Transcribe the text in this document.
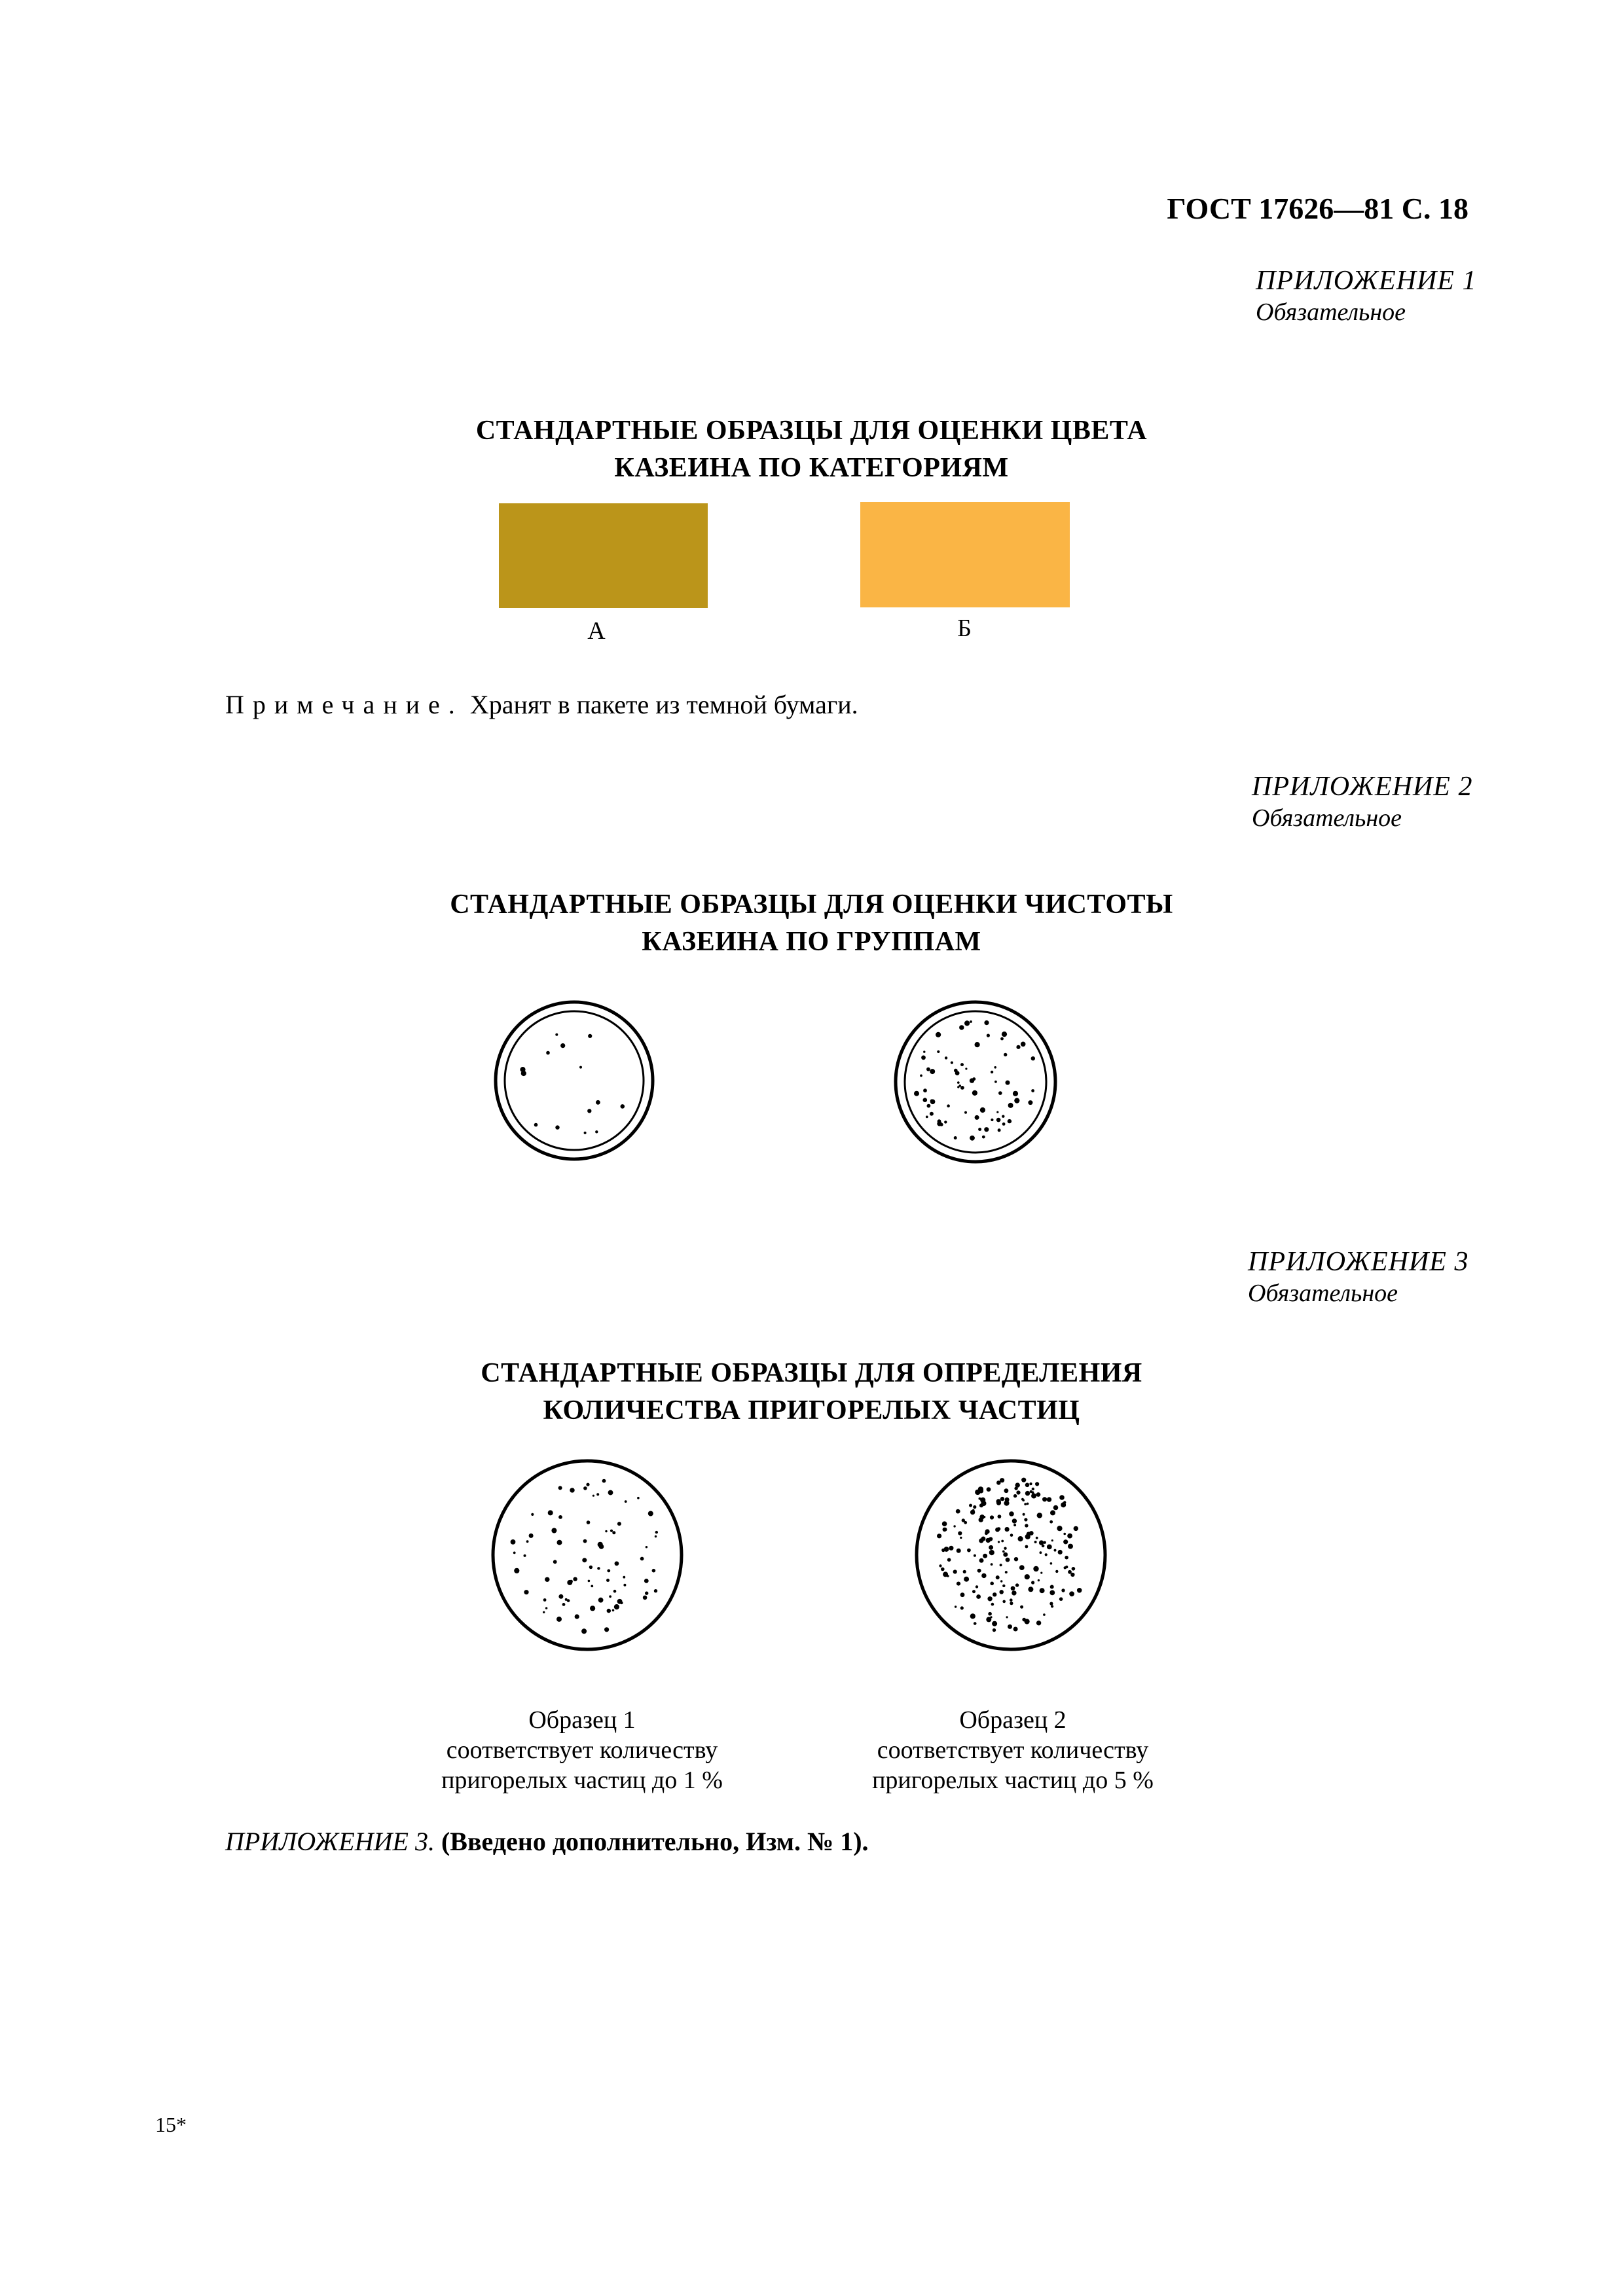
ГОСТ 17626—81 С. 18
ПРИЛОЖЕНИЕ 1
Обязательное
СТАНДАРТНЫЕ ОБРАЗЦЫ ДЛЯ ОЦЕНКИ ЦВЕТА
КАЗЕИНА ПО КАТЕГОРИЯМ
А	Б
Примечание. Хранят в пакете из темной бумаги.
ПРИЛОЖЕНИЕ 2
Обязательное
СТАНДАРТНЫЕ ОБРАЗЦЫ ДЛЯ ОЦЕНКИ ЧИСТОТЫ
КАЗЕИНА ПО ГРУППАМ
ПРИЛОЖЕНИЕ 3
Обязательное
СТАНДАРТНЫЕ ОБРАЗЦЫ ДЛЯ ОПРЕДЕЛЕНИЯ
КОЛИЧЕСТВА ПРИГОРЕЛЫХ ЧАСТИЦ
Образец 1
соответствует количеству
пригорелых частиц до 1 %
Образец 2
соответствует количеству
пригорелых частиц до 5 %
ПРИЛОЖЕНИЕ 3. (Введено дополнительно, Изм. № 1).
15*
